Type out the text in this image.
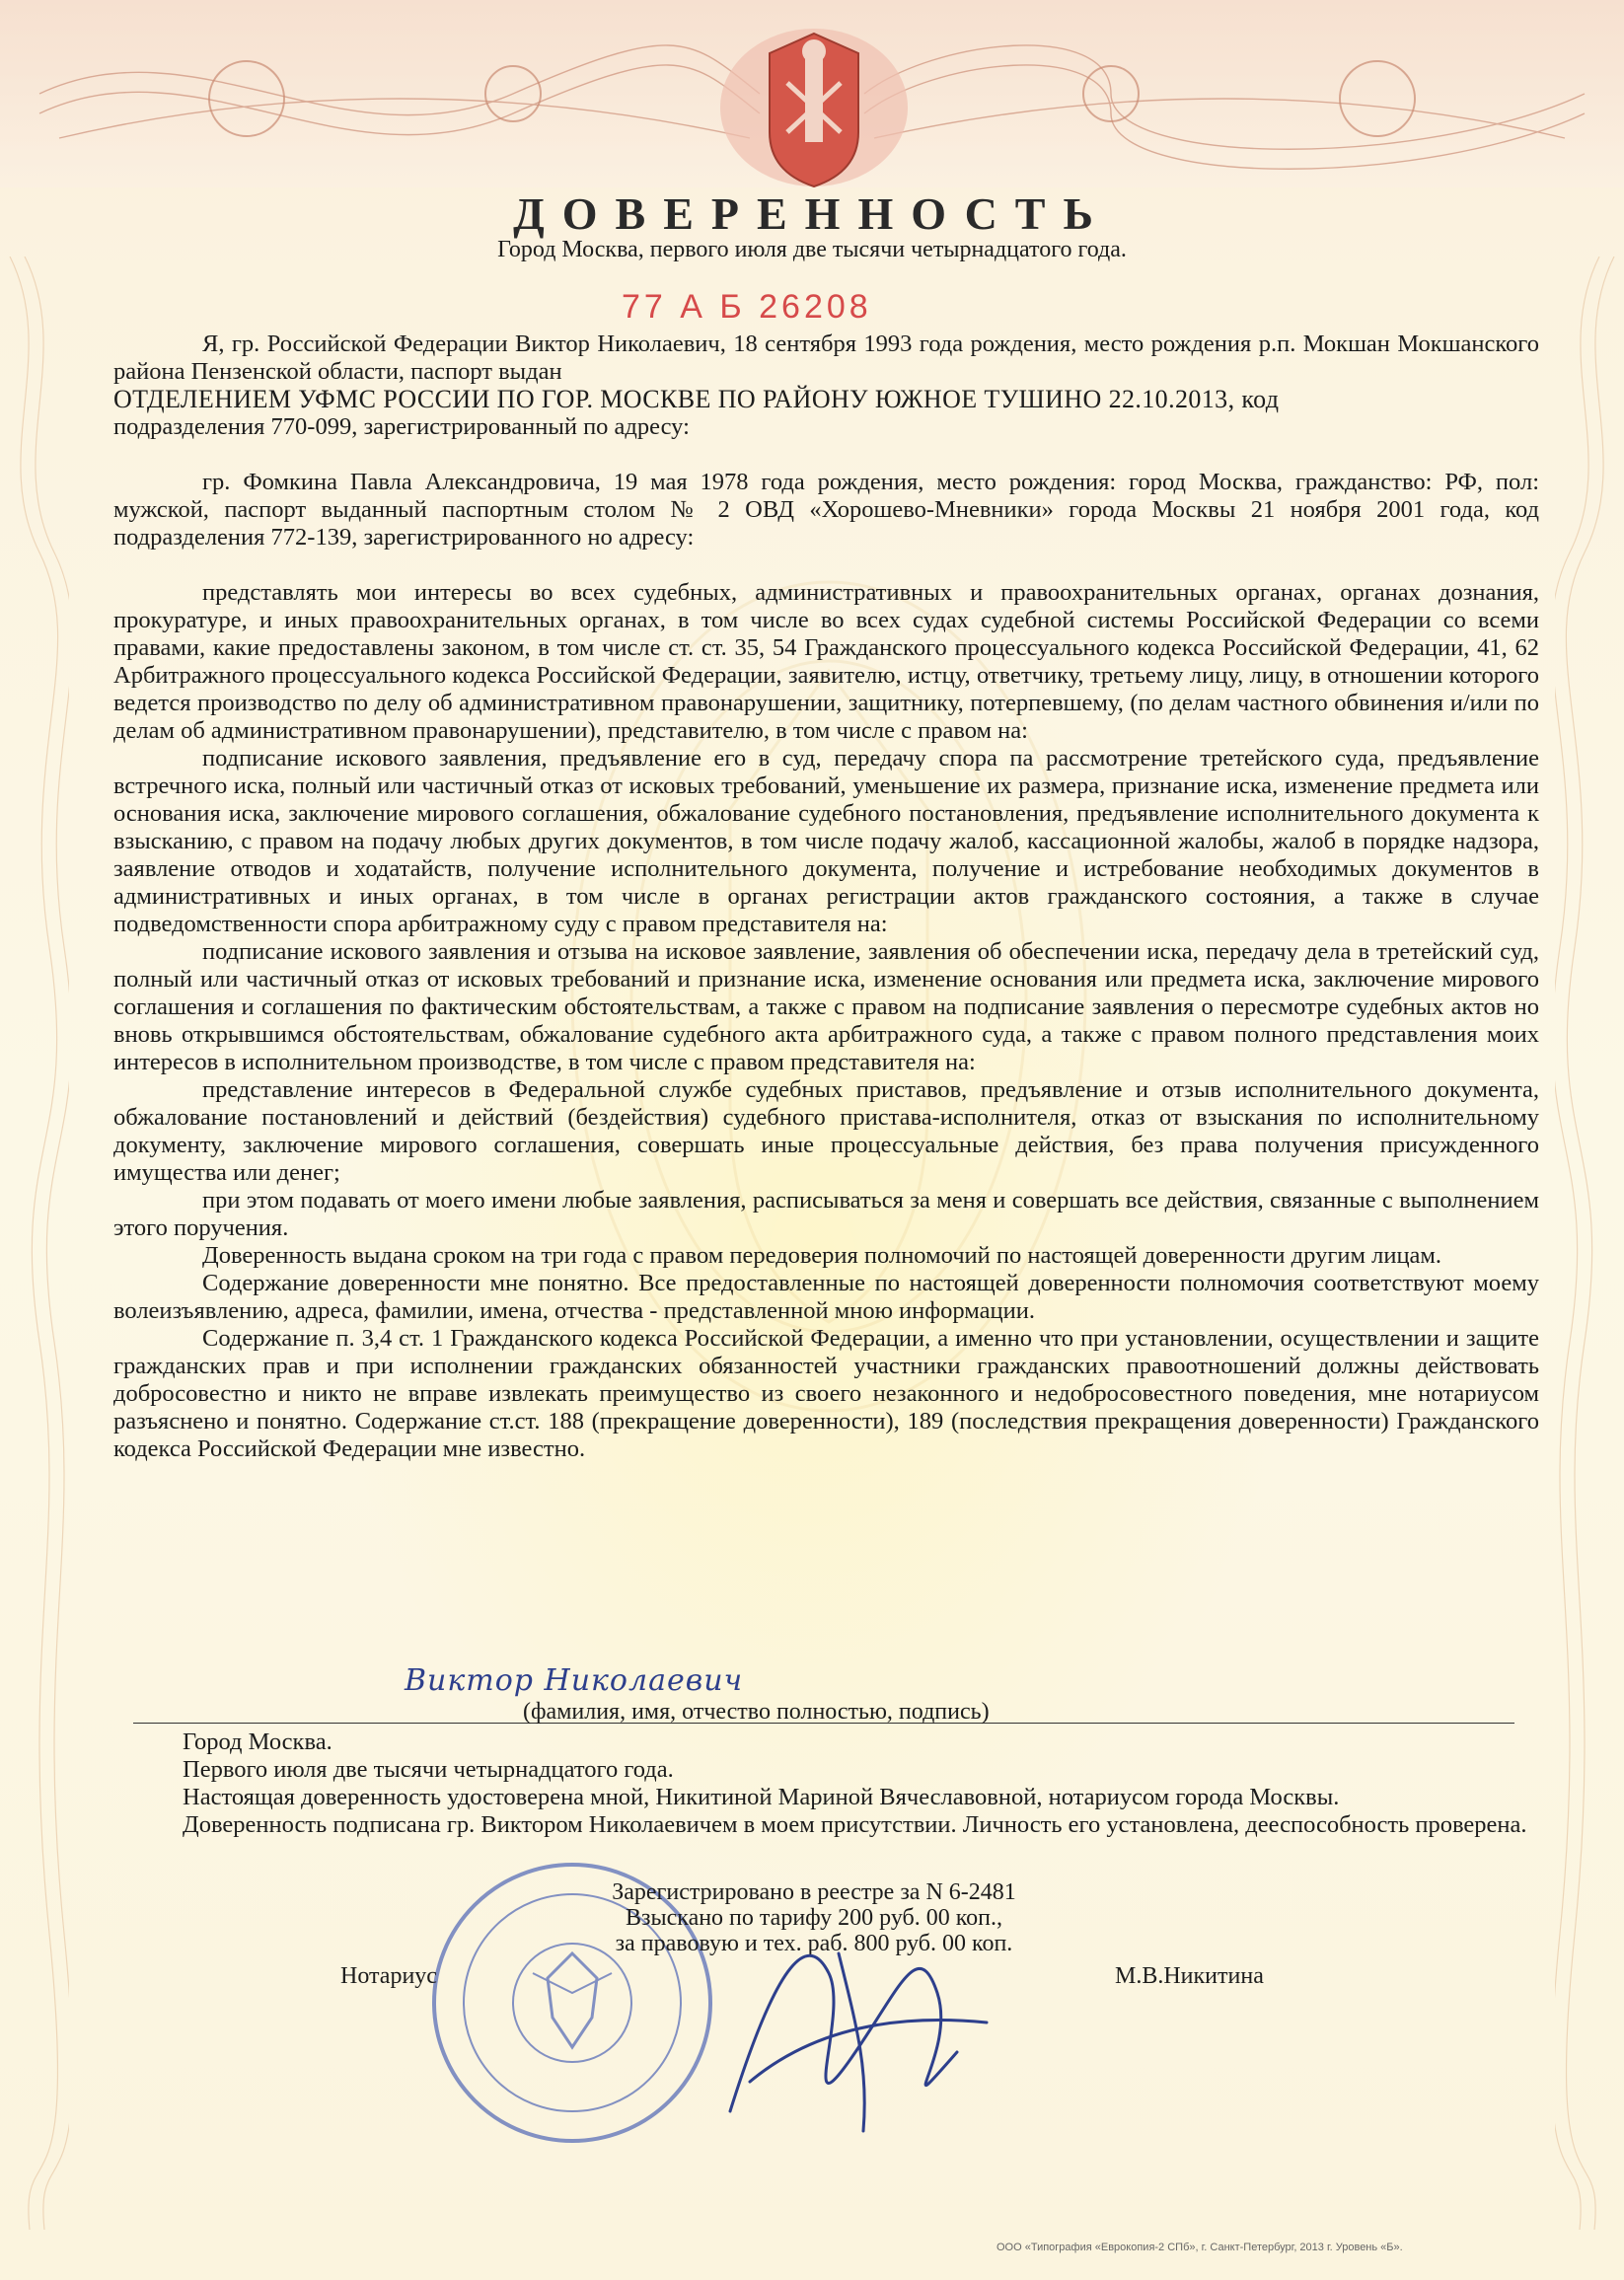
ДОВЕРЕННОСТЬ
Город Москва, первого июля две тысячи четырнадцатого года.
77 А Б 26208

Я, гр. Российской Федерации Виктор Николаевич, 18 сентября 1993 года рождения, место рождения р.п. Мокшан Мокшанского района Пензенской области, паспорт выдан

ОТДЕЛЕНИЕМ УФМС РОССИИ ПО ГОР. МОСКВЕ ПО РАЙОНУ ЮЖНОЕ ТУШИНО 22.10.2013, код

подразделения 770-099, зарегистрированный по адресу:

гр. Фомкина Павла Александровича, 19 мая 1978 года рождения, место рождения: город Москва, гражданство: РФ, пол: мужской, паспорт выданный паспортным столом № 2 ОВД «Хорошево-Мневники» города Москвы 21 ноября 2001 года, код подразделения 772-139, зарегистрированного но адресу:

представлять мои интересы во всех судебных, административных и правоохранительных органах, органах дознания, прокуратуре, и иных правоохранительных органах, в том числе во всех судах судебной системы Российской Федерации со всеми правами, какие предоставлены законом, в том числе ст. ст. 35, 54 Гражданского процессуального кодекса Российской Федерации, 41, 62 Арбитражного процессуального кодекса Российской Федерации, заявителю, истцу, ответчику, третьему лицу, лицу, в отношении которого ведется производство по делу об административном правонарушении, защитнику, потерпевшему, (по делам частного обвинения и/или по делам об административном правонарушении), представителю, в том числе с правом на:

подписание искового заявления, предъявление его в суд, передачу спора па рассмотрение третейского суда, предъявление встречного иска, полный или частичный отказ от исковых требований, уменьшение их размера, признание иска, изменение предмета или основания иска, заключение мирового соглашения, обжалование судебного постановления, предъявление исполнительного документа к взысканию, с правом на подачу любых других документов, в том числе подачу жалоб, кассационной жалобы, жалоб в порядке надзора, заявление отводов и ходатайств, получение исполнительного документа, получение и истребование необходимых документов в административных и иных органах, в том числе в органах регистрации актов гражданского состояния, а также в случае подведомственности спора арбитражному суду с правом представителя на:

подписание искового заявления и отзыва на исковое заявление, заявления об обеспечении иска, передачу дела в третейский суд, полный или частичный отказ от исковых требований и признание иска, изменение основания или предмета иска, заключение мирового соглашения и соглашения по фактическим обстоятельствам, а также с правом на подписание заявления о пересмотре судебных актов но вновь открывшимся обстоятельствам, обжалование судебного акта арбитражного суда, а также с правом полного представления моих интересов в исполнительном производстве, в том числе с правом представителя на:

представление интересов в Федеральной службе судебных приставов, предъявление и отзыв исполнительного документа, обжалование постановлений и действий (бездействия) судебного пристава-исполнителя, отказ от взыскания по исполнительному документу, заключение мирового соглашения, совершать иные процессуальные действия, без права получения присужденного имущества или денег;

при этом подавать от моего имени любые заявления, расписываться за меня и совершать все действия, связанные с выполнением этого поручения.

Доверенность выдана сроком на три года с правом передоверия полномочий по настоящей доверенности другим лицам.

Содержание доверенности мне понятно. Все предоставленные по настоящей доверенности полномочия соответствуют моему волеизъявлению, адреса, фамилии, имена, отчества - представленной мною информации.

Содержание п. 3,4 ст. 1 Гражданского кодекса Российской Федерации, а именно что при установлении, осуществлении и защите гражданских прав и при исполнении гражданских обязанностей участники гражданских правоотношений должны действовать добросовестно и никто не вправе извлекать преимущество из своего незаконного и недобросовестного поведения, мне нотариусом разъяснено и понятно. Содержание ст.ст. 188 (прекращение доверенности), 189 (последствия прекращения доверенности) Гражданского кодекса Российской Федерации мне известно.

Виктор Николаевич
(фамилия, имя, отчество полностью, подпись)

Город Москва.

Первого июля две тысячи четырнадцатого года.

Настоящая доверенность удостоверена мной, Никитиной Мариной Вячеславовной, нотариусом города Москвы.

Доверенность подписана гр. Виктором Николаевичем в моем присутствии. Личность его установлена, дееспособность проверена.

Зарегистрировано в реестре за N 6-2481
Взыскано по тарифу 200 руб. 00 коп.,
за правовую и тех. раб. 800 руб. 00 коп.
Нотариус	М.В.Никитина
ООО «Типография «Еврокопия-2 СПб», г. Санкт-Петербург, 2013 г. Уровень «Б».
